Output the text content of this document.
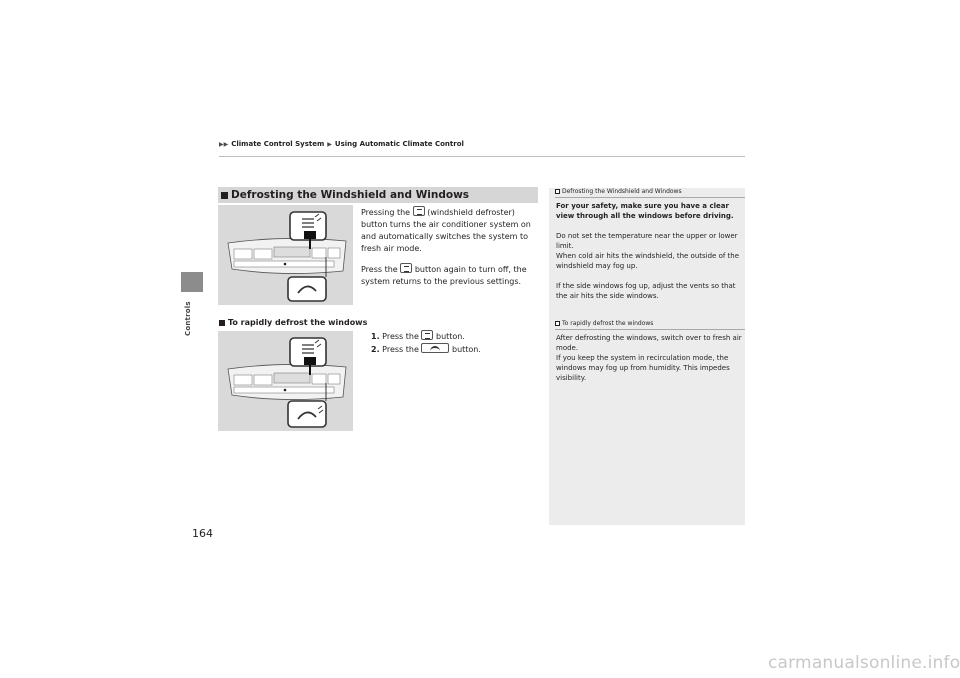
Controls
▶▶ Climate Control System ▶ Using Automatic Climate Control
Defrosting the Windshield and Windows
Pressing the (windshield defroster) button turns the air conditioner system on and automatically switches the system to fresh air mode.
Press the button again to turn off, the system returns to the previous settings.
To rapidly defrost the windows
1. Press the button.
2. Press the	button.
Defrosting the Windshield and Windows

For your safety, make sure you have a clear view through all the windows before driving.

Do not set the temperature near the upper or lower limit.

When cold air hits the windshield, the outside of the windshield may fog up.

If the side windows fog up, adjust the vents so that the air hits the side windows.

To rapidly defrost the windows

After defrosting the windows, switch over to fresh air mode.

If you keep the system in recirculation mode, the windows may fog up from humidity. This impedes visibility.

164
carmanualsonline.info
